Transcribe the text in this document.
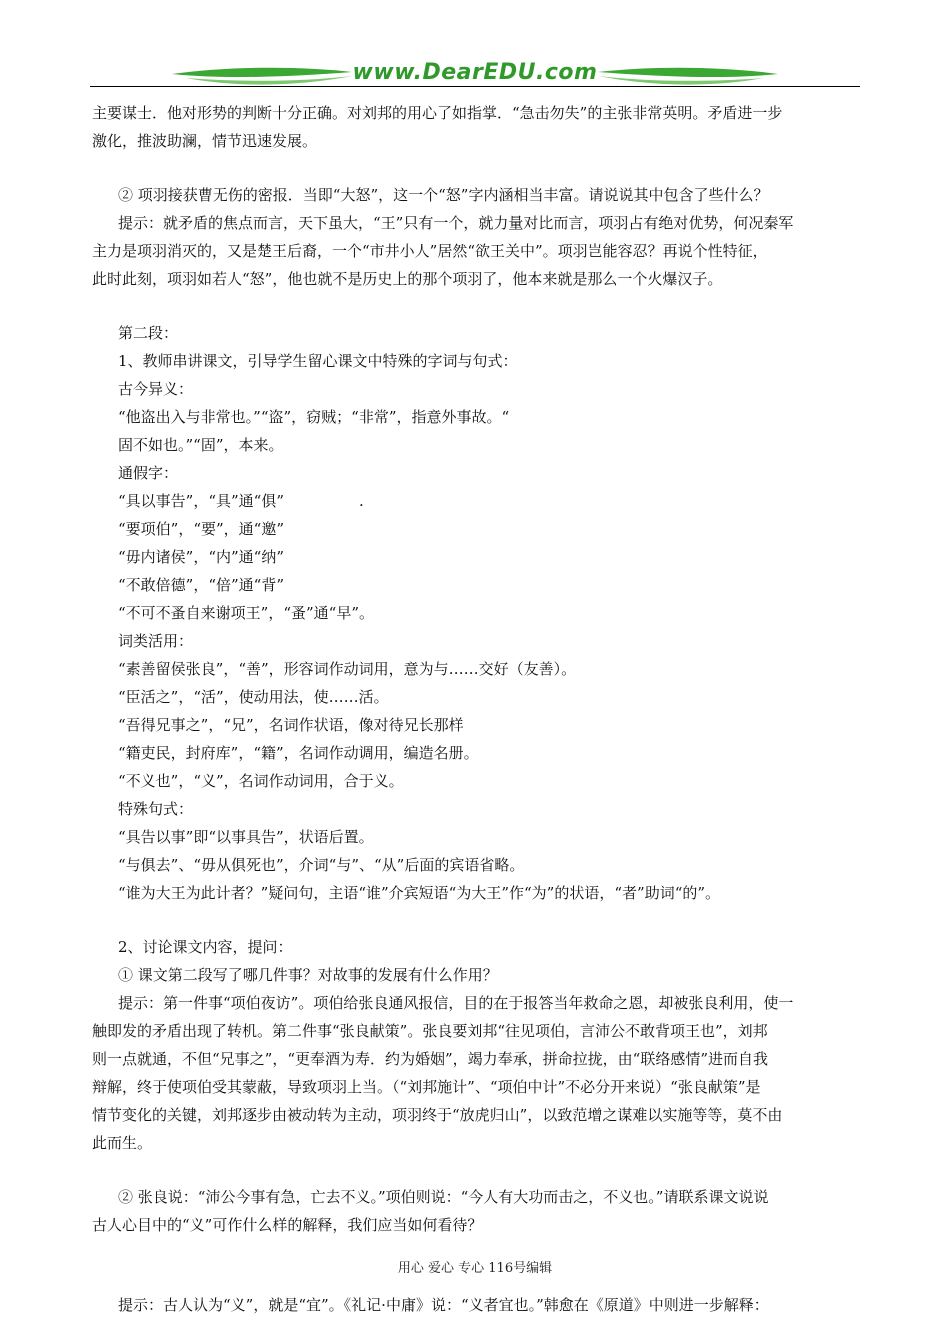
www.DearEDU.com
主要谋士．他对形势的判断十分正确。对刘邦的用心了如指掌．“急击勿失”的主张非常英明。矛盾进一步
激化，推波助澜，情节迅速发展。
② 项羽接获曹无伤的密报．当即“大怒”，这一个“怒”字内涵相当丰富。请说说其中包含了些什么？
提示：就矛盾的焦点而言，天下虽大，“王”只有一个，就力量对比而言，项羽占有绝对优势，何况秦军
主力是项羽消灭的，又是楚王后裔，一个“市井小人”居然“欲王关中”。项羽岂能容忍？再说个性特征，
此时此刻，项羽如若人“怒”，他也就不是历史上的那个项羽了，他本来就是那么一个火爆汉子。
第二段：
1、教师串讲课文，引导学生留心课文中特殊的字词与句式：
古今异义：
“他盗出入与非常也。”“盗”，窃贼；“非常”，指意外事故。“
固不如也。”“固”，本来。
通假字：
“具以事告”，“具”通“俱”　　　　　.
“要项伯”，“要”，通“邀”
“毋内诸侯”，“内”通“纳”
“不敢倍德”，“倍”通“背”
“不可不蚤自来谢项王”，“蚤”通“早”。
词类活用：
“素善留侯张良”，“善”，形容词作动词用，意为与……交好（友善）。
“臣活之”，“活”，使动用法，使……活。
“吾得兄事之”，“兄”，名词作状语，像对待兄长那样
“籍吏民，封府库”，“籍”，名词作动调用，编造名册。
“不义也”，“义”，名词作动词用，合于义。
特殊句式：
“具告以事”即“以事具告”，状语后置。
“与俱去”、“毋从俱死也”，介词“与”、“从”后面的宾语省略。
“谁为大王为此计者？”疑问句，主语“谁”介宾短语“为大王”作“为”的状语，“者”助词“的”。
2、讨论课文内容，提问：
① 课文第二段写了哪几件事？对故事的发展有什么作用？
提示：第一件事“项伯夜访”。项伯给张良通风报信，目的在于报答当年救命之恩，却被张良利用，使一
触即发的矛盾出现了转机。第二件事“张良献策”。张良要刘邦“往见项伯，言沛公不敢背项王也”，刘邦
则一点就通，不但“兄事之”，“更奉酒为寿．约为婚姻”，竭力奉承，拼命拉拢，由“联络感情”进而自我
辩解，终于使项伯受其蒙蔽，导致项羽上当。（“刘邦施计”、“项伯中计”不必分开来说）“张良献策”是
情节变化的关键，刘邦逐步由被动转为主动，项羽终于“放虎归山”，以致范增之谋难以实施等等，莫不由
此而生。
② 张良说：“沛公今事有急，亡去不义。”项伯则说：“今人有大功而击之，不义也。”请联系课文说说
古人心目中的“义”可作什么样的解释，我们应当如何看待？
提示：古人认为“义”，就是“宜”。《礼记·中庸》说：“义者宜也。”韩愈在《原道》中则进一步解释：
用心 爱心 专心 116号编辑
